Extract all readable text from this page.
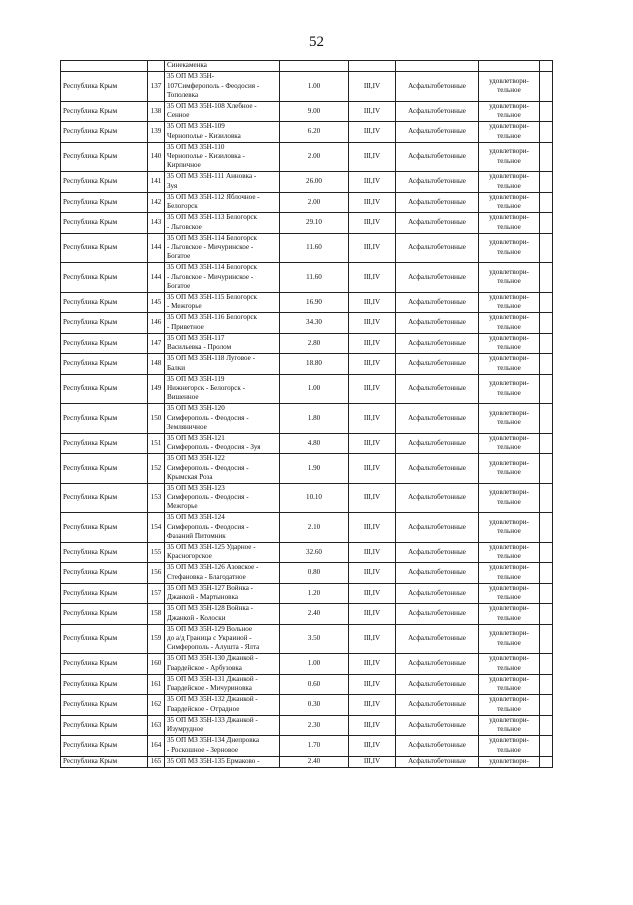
52
		Синекаменка					
Республика Крым	137	35 ОП МЗ 35Н-
107Симферополь - Феодосия -
Тополевка	1.00	III,IV	Асфальтобетонные	удовлетвори-
тельное	
Республика Крым	138	35 ОП МЗ 35Н-108 Хлебное -
Сенное	9.00	III,IV	Асфальтобетонные	удовлетвори-
тельное	
Республика Крым	139	35 ОП МЗ 35Н-109
Чернополье - Кизиловка	6.20	III,IV	Асфальтобетонные	удовлетвори-
тельное	
Республика Крым	140	35 ОП МЗ 35Н-110
Чернополье - Кизиловка -
Кирпичное	2.00	III,IV	Асфальтобетонные	удовлетвори-
тельное	
Республика Крым	141	35 ОП МЗ 35Н-111 Анновка -
Зуя	26.00	III,IV	Асфальтобетонные	удовлетвори-
тельное	
Республика Крым	142	35 ОП МЗ 35Н-112 Яблочное -
Белогорск	2.00	III,IV	Асфальтобетонные	удовлетвори-
тельное	
Республика Крым	143	35 ОП МЗ 35Н-113 Белогорск
- Льговское	29.10	III,IV	Асфальтобетонные	удовлетвори-
тельное	
Республика Крым	144	35 ОП МЗ 35Н-114 Белогорск
- Льговское - Мичуринское -
Богатое	11.60	III,IV	Асфальтобетонные	удовлетвори-
тельное	
Республика Крым	144	35 ОП МЗ 35Н-114 Белогорск
- Льговское - Мичуринское -
Богатое	11.60	III,IV	Асфальтобетонные	удовлетвори-
тельное	
Республика Крым	145	35 ОП МЗ 35Н-115 Белогорск
- Межгорье	16.90	III,IV	Асфальтобетонные	удовлетвори-
тельное	
Республика Крым	146	35 ОП МЗ 35Н-116 Белогорск
- Приветное	34.30	III,IV	Асфальтобетонные	удовлетвори-
тельное	
Республика Крым	147	35 ОП МЗ 35Н-117
Васильевка - Пролом	2.80	III,IV	Асфальтобетонные	удовлетвори-
тельное	
Республика Крым	148	35 ОП МЗ 35Н-118 Луговое -
Балки	18.80	III,IV	Асфальтобетонные	удовлетвори-
тельное	
Республика Крым	149	35 ОП МЗ 35Н-119
Нижнегорск - Белогорск -
Вишенное	1.00	III,IV	Асфальтобетонные	удовлетвори-
тельное	
Республика Крым	150	35 ОП МЗ 35Н-120
Симферополь - Феодосия -
Земляничное	1.80	III,IV	Асфальтобетонные	удовлетвори-
тельное	
Республика Крым	151	35 ОП МЗ 35Н-121
Симферополь - Феодосия - Зуя	4.80	III,IV	Асфальтобетонные	удовлетвори-
тельное	
Республика Крым	152	35 ОП МЗ 35Н-122
Симферополь - Феодосия -
Крымская Роза	1.90	III,IV	Асфальтобетонные	удовлетвори-
тельное	
Республика Крым	153	35 ОП МЗ 35Н-123
Симферополь - Феодосия -
Межгорье	10.10	III,IV	Асфальтобетонные	удовлетвори-
тельное	
Республика Крым	154	35 ОП МЗ 35Н-124
Симферополь - Феодосия -
Фазаний Питомник	2.10	III,IV	Асфальтобетонные	удовлетвори-
тельное	
Республика Крым	155	35 ОП МЗ 35Н-125 Ударное -
Красногорское	32.60	III,IV	Асфальтобетонные	удовлетвори-
тельное	
Республика Крым	156	35 ОП МЗ 35Н-126 Азовское -
Стефановка - Благодатное	0.80	III,IV	Асфальтобетонные	удовлетвори-
тельное	
Республика Крым	157	35 ОП МЗ 35Н-127 Войнка -
Джанкой - Мартыновка	1.20	III,IV	Асфальтобетонные	удовлетвори-
тельное	
Республика Крым	158	35 ОП МЗ 35Н-128 Войнка -
Джанкой - Колоски	2.40	III,IV	Асфальтобетонные	удовлетвори-
тельное	
Республика Крым	159	35 ОП МЗ 35Н-129 Вольное
до а/д Граница с Украиной -
Симферополь - Алушта - Ялта	3.50	III,IV	Асфальтобетонные	удовлетвори-
тельное	
Республика Крым	160	35 ОП МЗ 35Н-130 Джанкой -
Гвардейское - Арбузовка	1.00	III,IV	Асфальтобетонные	удовлетвори-
тельное	
Республика Крым	161	35 ОП МЗ 35Н-131 Джанкой -
Гвардейское - Мичуриновка	0.60	III,IV	Асфальтобетонные	удовлетвори-
тельное	
Республика Крым	162	35 ОП МЗ 35Н-132 Джанкой -
Гвардейское - Отрадное	0.30	III,IV	Асфальтобетонные	удовлетвори-
тельное	
Республика Крым	163	35 ОП МЗ 35Н-133 Джанкой -
Изумрудное	2.30	III,IV	Асфальтобетонные	удовлетвори-
тельное	
Республика Крым	164	35 ОП МЗ 35Н-134 Днепровка
- Роскошное - Зерновое	1.70	III,IV	Асфальтобетонные	удовлетвори-
тельное	
Республика Крым	165	35 ОП МЗ 35Н-135 Ермаково -	2.40	III,IV	Асфальтобетонные	удовлетвори-	
